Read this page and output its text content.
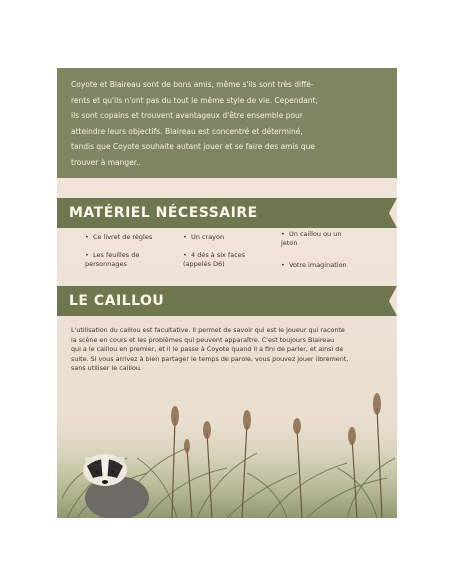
Coyote et Blaireau sont de bons amis, même s'ils sont très diffé-
rents et qu'ils n'ont pas du tout le même style de vie. Cependant,
ils sont copains et trouvent avantageux d'être ensemble pour
atteindre leurs objectifs. Blaireau est concentré et déterminé,
tandis que Coyote souhaite autant jouer et se faire des amis que
trouver à manger..
MATÉRIEL NÉCESSAIRE
• Ce livret de règles
• Les feuilles de
personnages
• Un crayon
• 4 dés à six faces
(appelés D6)
• Un caillou ou un
jeton
• Votre imagination
LE CAILLOU
L'utilisation du caillou est facultative. Il permet de savoir qui est le joueur qui raconte
la scène en cours et les problèmes qui peuvent apparaître. C'est toujours Blaireau
qui a le caillou en premier, et il le passe à Coyote quand il a fini de parler, et ainsi de
suite. Si vous arrivez à bien partager le temps de parole, vous pouvez jouer librement,
sans utiliser le caillou.
